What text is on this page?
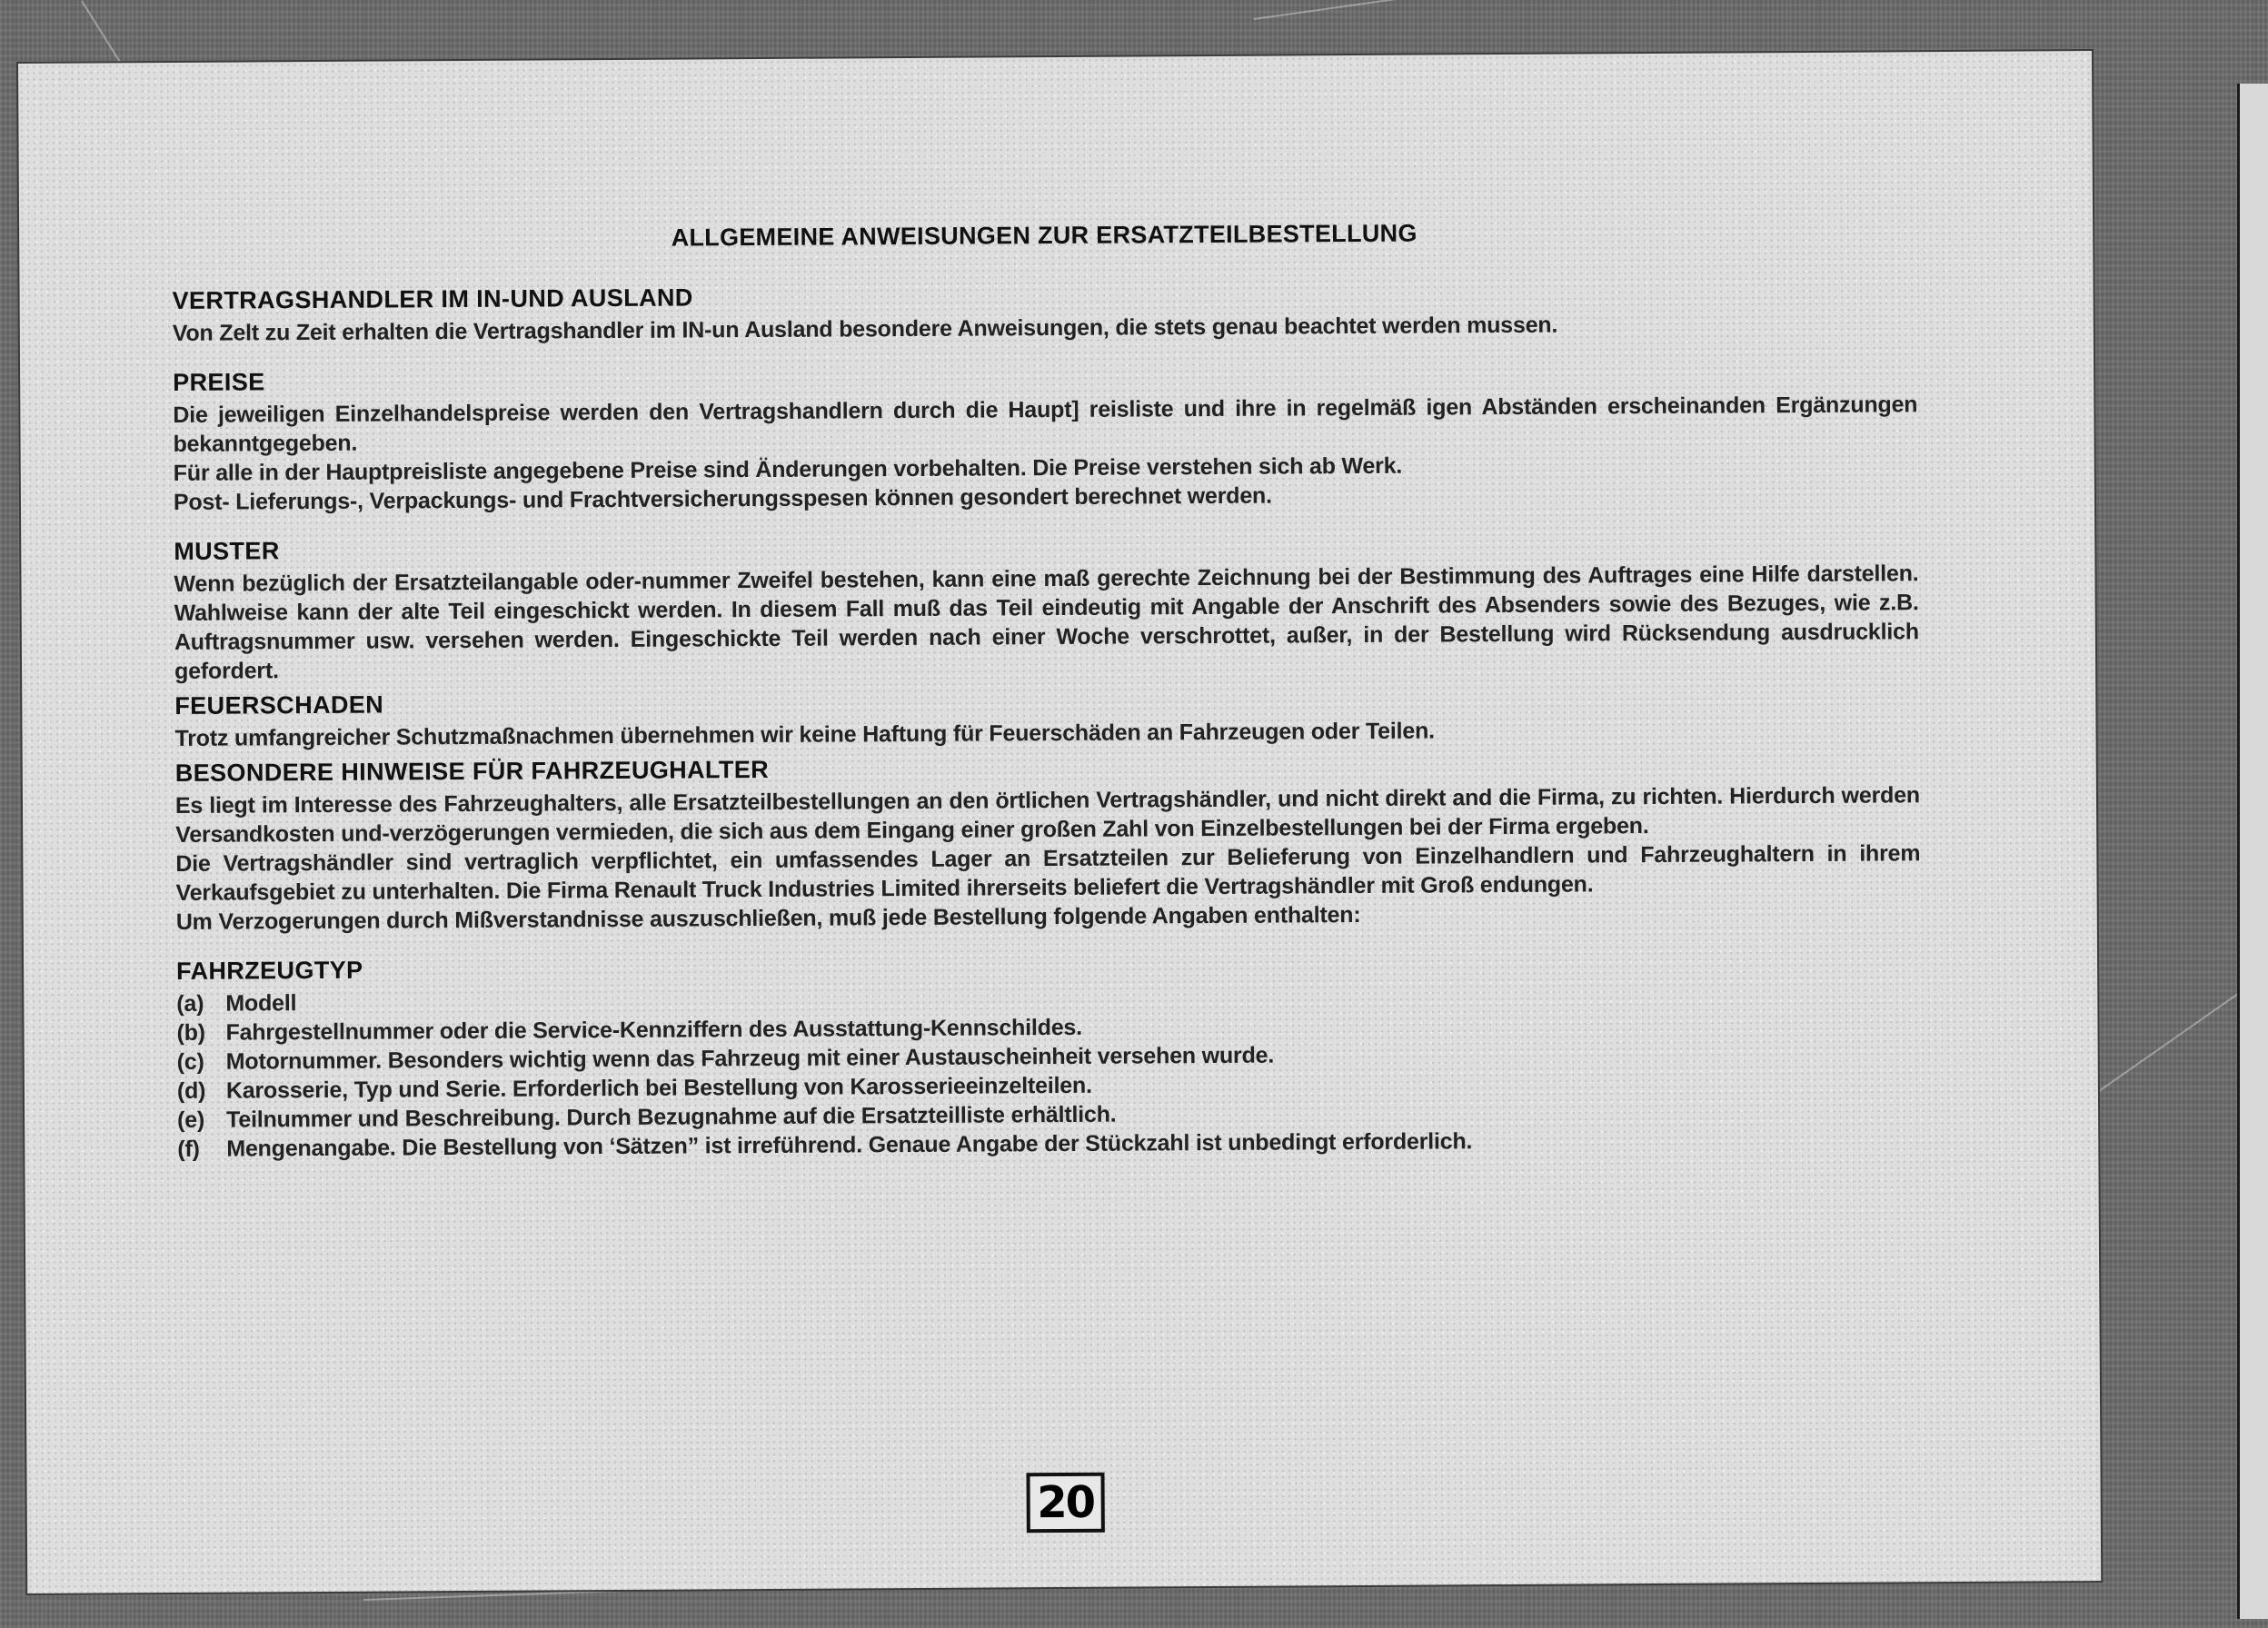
ALLGEMEINE ANWEISUNGEN ZUR ERSATZTEILBESTELLUNG
VERTRAGSHANDLER IM IN-UND AUSLAND

Von Zelt zu Zeit erhalten die Vertragshandler im IN-un Ausland besondere Anweisungen, die stets genau beachtet werden mussen.

PREISE

Die jeweiligen Einzelhandelspreise werden den Vertragshandlern durch die Haupt] reisliste und ihre in regelmäß igen Abständen erscheinanden Ergänzungen bekanntgegeben.

Für alle in der Hauptpreisliste angegebene Preise sind Änderungen vorbehalten. Die Preise verstehen sich ab Werk.

Post- Lieferungs-, Verpackungs- und Frachtversicherungsspesen können gesondert berechnet werden.

MUSTER

Wenn bezüglich der Ersatzteilangable oder-nummer Zweifel bestehen, kann eine maß gerechte Zeichnung bei der Bestimmung des Auftrages eine Hilfe darstellen. Wahlweise kann der alte Teil eingeschickt werden. In diesem Fall muß das Teil eindeutig mit Angable der Anschrift des Absenders sowie des Bezuges, wie z.B. Auftragsnummer usw. versehen werden. Eingeschickte Teil werden nach einer Woche verschrottet, außer, in der Bestellung wird Rücksendung ausdrucklich gefordert.

FEUERSCHADEN

Trotz umfangreicher Schutzmaßnachmen übernehmen wir keine Haftung für Feuerschäden an Fahrzeugen oder Teilen.

BESONDERE HINWEISE FÜR FAHRZEUGHALTER

Es liegt im Interesse des Fahrzeughalters, alle Ersatzteilbestellungen an den örtlichen Vertragshändler, und nicht direkt and die Firma, zu richten. Hierdurch werden Versandkosten und-verzögerungen vermieden, die sich aus dem Eingang einer großen Zahl von Einzelbestellungen bei der Firma ergeben.

Die Vertragshändler sind vertraglich verpflichtet, ein umfassendes Lager an Ersatzteilen zur Belieferung von Einzelhandlern und Fahrzeughaltern in ihrem Verkaufsgebiet zu unterhalten. Die Firma Renault Truck Industries Limited ihrerseits beliefert die Vertragshändler mit Groß endungen.

Um Verzogerungen durch Mißverstandnisse auszuschließen, muß jede Bestellung folgende Angaben enthalten:

FAHRZEUGTYP
(a) Modell
(b) Fahrgestellnummer oder die Service-Kennziffern des Ausstattung-Kennschildes.
(c) Motornummer. Besonders wichtig wenn das Fahrzeug mit einer Austauscheinheit versehen wurde.
(d) Karosserie, Typ und Serie. Erforderlich bei Bestellung von Karosserieeinzelteilen.
(e) Teilnummer und Beschreibung. Durch Bezugnahme auf die Ersatzteilliste erhältlich.
(f)	Mengenangabe. Die Bestellung von ‘Sätzen” ist irreführend. Genaue Angabe der Stückzahl ist unbedingt erforderlich.
20
